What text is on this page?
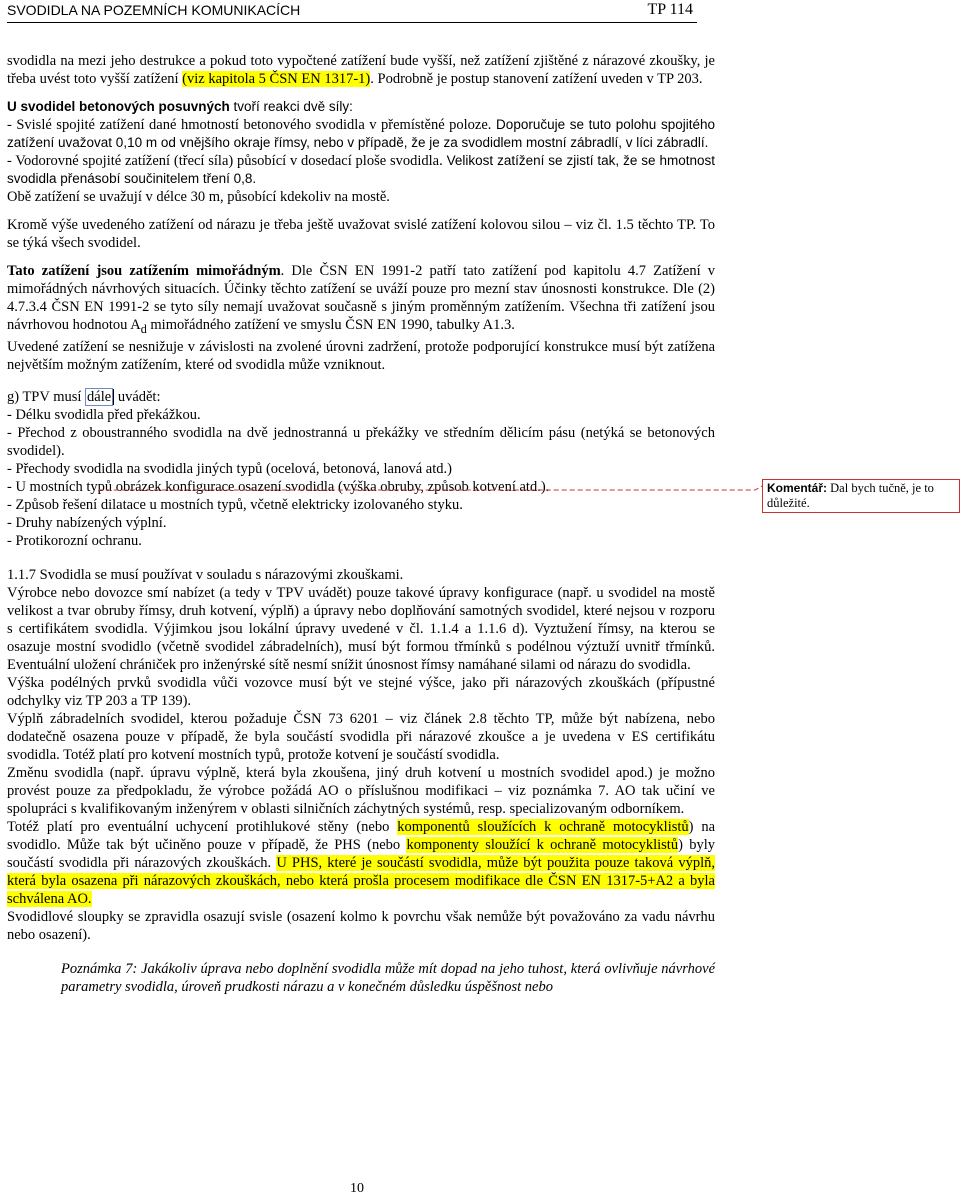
SVODIDLA NA POZEMNÍCH KOMUNIKACÍCH	TP 114

svodidla na mezi jeho destrukce a pokud toto vypočtené zatížení bude vyšší, než zatížení zjištěné z nárazové zkoušky, je třeba uvést toto vyšší zatížení (viz kapitola 5 ČSN EN 1317-1). Podrobně je postup stanovení zatížení uveden v TP 203.

U svodidel betonových posuvných tvoří reakci dvě síly:

- Svislé spojité zatížení dané hmotností betonového svodidla v přemístěné poloze. Doporučuje se tuto polohu spojitého zatížení uvažovat 0,10 m od vnějšího okraje římsy, nebo v případě, že je za svodidlem mostní zábradlí, v líci zábradlí.

- Vodorovné spojité zatížení (třecí síla) působící v dosedací ploše svodidla. Velikost zatížení se zjistí tak, že se hmotnost svodidla přenásobí součinitelem tření 0,8.

Obě zatížení se uvažují v délce 30 m, působící kdekoliv na mostě.

Kromě výše uvedeného zatížení od nárazu je třeba ještě uvažovat svislé zatížení kolovou silou – viz čl. 1.5 těchto TP. To se týká všech svodidel.

Tato zatížení jsou zatížením mimořádným. Dle ČSN EN 1991-2 patří tato zatížení pod kapitolu 4.7 Zatížení v mimořádných návrhových situacích. Účinky těchto zatížení se uváží pouze pro mezní stav únosnosti konstrukce. Dle (2) 4.7.3.4 ČSN EN 1991-2 se tyto síly nemají uvažovat současně s jiným proměnným zatížením. Všechna tři zatížení jsou návrhovou hodnotou $A_d$ mimořádného zatížení ve smyslu ČSN EN 1990, tabulky A1.3.

Uvedené zatížení se nesnižuje v závislosti na zvolené úrovni zadržení, protože podporující konstrukce musí být zatížena největším možným zatížením, které od svodidla může vzniknout.

g) TPV musí dále uvádět:

- Délku svodidla před překážkou.

- Přechod z oboustranného svodidla na dvě jednostranná u překážky ve středním dělicím pásu (netýká se betonových svodidel).

- Přechody svodidla na svodidla jiných typů (ocelová, betonová, lanová atd.)

- U mostních typů obrázek konfigurace osazení svodidla (výška obruby, způsob kotvení atd.).

- Způsob řešení dilatace u mostních typů, včetně elektricky izolovaného styku.

- Druhy nabízených výplní.

- Protikorozní ochranu.

1.1.7 Svodidla se musí používat v souladu s nárazovými zkouškami.

Výrobce nebo dovozce smí nabízet (a tedy v TPV uvádět) pouze takové úpravy konfigurace (např. u svodidel na mostě velikost a tvar obruby římsy, druh kotvení, výplň) a úpravy nebo doplňování samotných svodidel, které nejsou v rozporu s certifikátem svodidla. Výjimkou jsou lokální úpravy uvedené v čl. 1.1.4 a 1.1.6 d). Vyztužení římsy, na kterou se osazuje mostní svodidlo (včetně svodidel zábradelních), musí být formou třmínků s podélnou výztuží uvnitř třmínků. Eventuální uložení chrániček pro inženýrské sítě nesmí snížit únosnost římsy namáhané silami od nárazu do svodidla.

Výška podélných prvků svodidla vůči vozovce musí být ve stejné výšce, jako při nárazových zkouškách (přípustné odchylky viz TP 203 a TP 139).

Výplň zábradelních svodidel, kterou požaduje ČSN 73 6201 – viz článek 2.8 těchto TP, může být nabízena, nebo dodatečně osazena pouze v případě, že byla součástí svodidla při nárazové zkoušce a je uvedena v ES certifikátu svodidla. Totéž platí pro kotvení mostních typů, protože kotvení je součástí svodidla.

Změnu svodidla (např. úpravu výplně, která byla zkoušena, jiný druh kotvení u mostních svodidel apod.) je možno provést pouze za předpokladu, že výrobce požádá AO o příslušnou modifikaci – viz poznámka 7. AO tak učiní ve spolupráci s kvalifikovaným inženýrem v oblasti silničních záchytných systémů, resp. specializovaným odborníkem.

Totéž platí pro eventuální uchycení protihlukové stěny (nebo komponentů sloužících k ochraně motocyklistů) na svodidlo. Může tak být učiněno pouze v případě, že PHS (nebo komponenty sloužící k ochraně motocyklistů) byly součástí svodidla při nárazových zkouškách. U PHS, které je součástí svodidla, může být použita pouze taková výplň, která byla osazena při nárazových zkouškách, nebo která prošla procesem modifikace dle ČSN EN 1317-5+A2 a byla schválena AO.

Svodidlové sloupky se zpravidla osazují svisle (osazení kolmo k povrchu však nemůže být považováno za vadu návrhu nebo osazení).

Poznámka 7: Jakákoliv úprava nebo doplnění svodidla může mít dopad na jeho tuhost, která ovlivňuje návrhové parametry svodidla, úroveň prudkosti nárazu a v konečném důsledku úspěšnost nebo

Komentář: Dal bych tučně, je to důležité.
10
